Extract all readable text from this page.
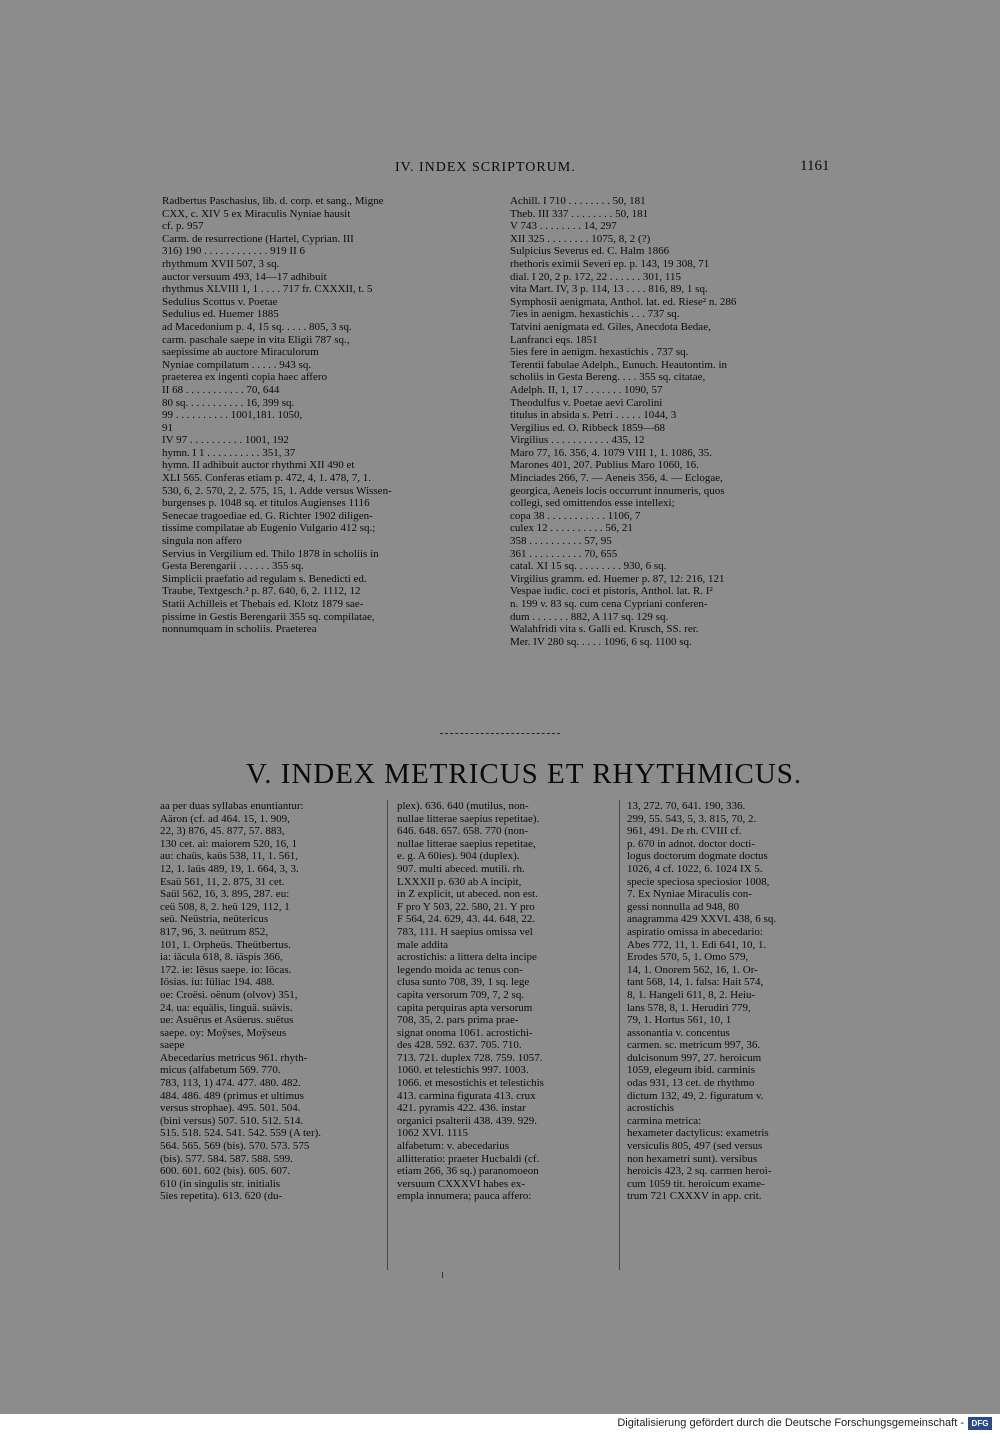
IV. INDEX SCRIPTORUM.	1161
Radbertus Paschasius, lib. d. corp. et sang., Migne
CXX, c. XIV 5 ex Miraculis Nyniae hausit
cf. p. 957
Carm. de resurrectione (Hartel, Cyprian. III
316) 190 . . . . . . . . . . . . 919 II 6
rhythmum XVII 507, 3 sq.
auctor versuum 493, 14—17 adhibuit
rhythmus XLVIII 1, 1 . . . . 717 fr. CXXXII, t. 5
Sedulius Scottus v. Poetae
Sedulius ed. Huemer 1885
ad Macedonium p. 4, 15 sq. . . . . 805, 3 sq.
carm. paschale saepe in vita Eligii 787 sq.,
saepissime ab auctore Miraculorum
Nyniae compilatum . . . . . 943 sq.
praeterea ex ingenti copia haec affero
II 68 . . . . . . . . . . . 70, 644
80 sq. . . . . . . . . . . 16, 399 sq.
99 . . . . . . . . . . 1001,181. 1050,
91
IV 97 . . . . . . . . . . 1001, 192
hymn. I 1 . . . . . . . . . . 351, 37
hymn. II adhibuit auctor rhythmi XII 490 et
XLI 565. Conferas etiam p. 472, 4, 1. 478, 7, 1.
530, 6, 2. 570, 2, 2. 575, 15, 1. Adde versus Wissen-
burgenses p. 1048 sq. et titulos Augienses 1116
Senecae tragoediae ed. G. Richter 1902 diligen-
tissime compilatae ab Eugenio Vulgario 412 sq.;
singula non affero
Servius in Vergilium ed. Thilo 1878 in scholiis in
Gesta Berengarii . . . . . . 355 sq.
Simplicii praefatio ad regulam s. Benedicti ed.
Traube, Textgesch.² p. 87. 640, 6, 2. 1112, 12
Statii Achilleis et Thebais ed. Klotz 1879 sae-
pissime in Gestis Berengarii 355 sq. compilatae,
nonnumquam in scholiis. Praeterea
Achill. I 710 . . . . . . . . 50, 181
Theb. III 337 . . . . . . . . 50, 181
V 743 . . . . . . . . 14, 297
XII 325 . . . . . . . . 1075, 8, 2 (?)
Sulpicius Severus ed. C. Halm 1866
rhethoris eximii Severi ep. p. 143, 19 308, 71
dial. I 20, 2 p. 172, 22 . . . . . . 301, 115
vita Mart. IV, 3 p. 114, 13 . . . . 816, 89, 1 sq.
Symphosii aenigmata, Anthol. lat. ed. Riese² n. 286
7ies in aenigm. hexastichis . . . 737 sq.
Tatvini aenigmata ed. Giles, Anecdota Bedae,
Lanfranci eqs. 1851
5ies fere in aenigm. hexastichis . 737 sq.
Terentii fabulae Adelph., Eunuch. Heautontim. in
scholiis in Gesta Bereng. . . . 355 sq. citatae,
Adelph. II, 1, 17 . . . . . . . 1090, 57
Theodulfus v. Poetae aevi Carolini
titulus in absida s. Petri . . . . . 1044, 3
Vergilius ed. O. Ribbeck 1859—68
Virgilius . . . . . . . . . . . 435, 12
Maro 77, 16. 356, 4. 1079 VIII 1, 1. 1086, 35.
Marones 401, 207. Publius Maro 1060, 16.
Minciades 266, 7. — Aeneis 356, 4. — Eclogae,
georgica, Aeneis locis occurrunt innumeris, quos
collegi, sed omittendos esse intellexi;
copa 38 . . . . . . . . . . . 1106, 7
culex 12 . . . . . . . . . . 56, 21
358 . . . . . . . . . . 57, 95
361 . . . . . . . . . . 70, 655
catal. XI 15 sq. . . . . . . . . 930, 6 sq.
Virgilius gramm. ed. Huemer p. 87, 12: 216, 121
Vespae iudic. coci et pistoris, Anthol. lat. R. I²
n. 199 v. 83 sq. cum cena Cypriani conferen-
dum . . . . . . . 882, A 117 sq. 129 sq.
Walahfridi vita s. Galli ed. Krusch, SS. rer.
Mer. IV 280 sq. . . . . 1096, 6 sq. 1100 sq.
V. INDEX METRICUS ET RHYTHMICUS.
aa per duas syllabas enuntiantur:
Aäron (cf. ad 464. 15, 1. 909,
22, 3) 876, 45. 877, 57. 883,
130 cet. ai: maiorem 520, 16, 1
au: chaüs, kaüs 538, 11, 1. 561,
12, 1. laüs 489, 19, 1. 664, 3, 3.
Esaü 561, 11, 2. 875, 31 cet.
Saül 562, 16, 3. 895, 287. eu:
ceü 508, 8, 2. heü 129, 112, 1
seü. Neüstria, neütericus
817, 96, 3. neütrum 852,
101, 1. Orpheüs. Theütbertus.
ia: iäcula 618, 8. iäspis 366,
172. ie: Iësus saepe. io: Iöcas.
Iösias. iu: Iüliac 194. 488.
oe: Croësi. oënum (olvov) 351,
24. ua: equälis, linguä. suävis.
ue: Asuërus et Asüerus. suëtus
saepe. oy: Moÿses, Moÿseus
saepe
Abecedarius metricus 961. rhyth-
micus (alfabetum 569. 770.
783, 113, 1) 474. 477. 480. 482.
484. 486. 489 (primus et ultimus
versus strophae). 495. 501. 504.
(bini versus) 507. 510. 512. 514.
515. 518. 524. 541. 542. 559 (A ter).
564. 565. 569 (bis). 570. 573. 575
(bis). 577. 584. 587. 588. 599.
600. 601. 602 (bis). 605. 607.
610 (in singulis str. initialis
5ies repetita). 613. 620 (du-
plex). 636. 640 (mutilus, non-
nullae litterae saepius repetitae).
646. 648. 657. 658. 770 (non-
nullae litterae saepius repetitae,
e. g. A 60ies). 904 (duplex).
907. multi abeced. mutili. rh.
LXXXII p. 630 ab A incipit,
in Z explicit, ut abeced. non est.
F pro Y 503, 22. 580, 21. Y pro
F 564, 24. 629, 43. 44. 648, 22.
783, 111. H saepius omissa vel
male addita
acrostichis: a littera delta incipe
legendo moida ac tenus con-
clusa sunto 708, 39, 1 sq. lege
capita versorum 709, 7, 2 sq.
capita perquiras apta versorum
708, 35, 2. pars prima prae-
signat onoma 1061. acrostichi-
des 428. 592. 637. 705. 710.
713. 721. duplex 728. 759. 1057.
1060. et telestichis 997. 1003.
1066. et mesostichis et telestichis
413. carmina figurata 413. crux
421. pyramis 422. 436. instar
organici psalterii 438. 439. 929.
1062 XVI. 1115
alfabetum: v. abecedarius
allitteratio: praeter Hucbaldi (cf.
etiam 266, 36 sq.) paranomoeon
versuum CXXXVI habes ex-
empla innumera; pauca affero:
13, 272. 70, 641. 190, 336.
299, 55. 543, 5, 3. 815, 70, 2.
961, 491. De rh. CVIII cf.
p. 670 in adnot. doctor docti-
logus doctorum dogmate doctus
1026, 4 cf. 1022, 6. 1024 IX 5.
specie speciosa speciosior 1008,
7. Ex Nyniae Miraculis con-
gessi nonnulla ad 948, 80
anagramma 429 XXVI. 438, 6 sq.
aspiratio omissa in abecedario:
Abes 772, 11, 1. Edi 641, 10, 1.
Erodes 570, 5, 1. Omo 579,
14, 1. Onorem 562, 16, 1. Or-
tant 568, 14, 1. falsa: Hait 574,
8, 1. Hangeli 611, 8, 2. Heiu-
lans 578, 8, 1. Herudiri 779,
79, 1. Hortus 561, 10, 1
assonantia v. concentus
carmen. sc. metricum 997, 36.
dulcisonum 997, 27. heroicum
1059, elegeum ibid. carminis
odas 931, 13 cet. de rhythmo
dictum 132, 49, 2. figuratum v.
acrostichis
carmina metrica:
hexameter dactylicus: exametris
versiculis 805, 497 (sed versus
non hexametri sunt). versibus
heroicis 423, 2 sq. carmen heroi-
cum 1059 tit. heroicum exame-
trum 721 CXXXV in app. crit.
Digitalisierung gefördert durch die Deutsche Forschungsgemeinschaft - DFG
